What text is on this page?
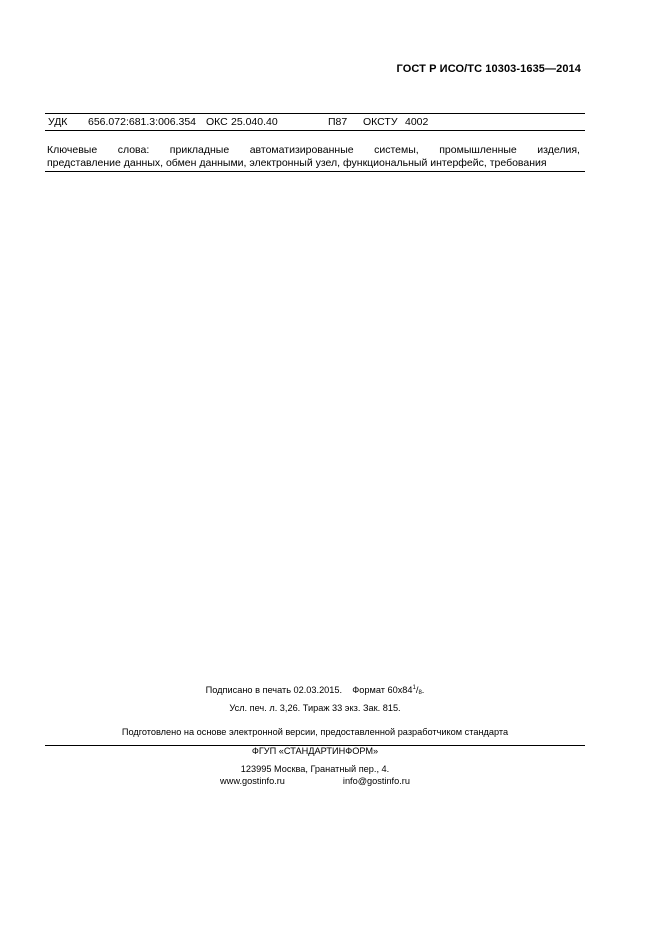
ГОСТ Р ИСО/ТС 10303-1635—2014
УДК 656.072:681.3:006.354 ОКС 25.040.40	П87 ОКСТУ 4002
Ключевые слова: прикладные автоматизированные системы, промышленные изделия,
представление данных, обмен данными, электронный узел, функциональный интерфейс, требования
Подписано в печать 02.03.2015. Формат $60x84^1/_8$.
Усл. печ. л. 3,26. Тираж 33 экз. Зак. 815.
Подготовлено на основе электронной версии, предоставленной разработчиком стандарта
ФГУП «СТАНДАРТИНФОРМ»
123995 Москва, Гранатный пер., 4.
www.gostinfo.ru	info@gostinfo.ru
